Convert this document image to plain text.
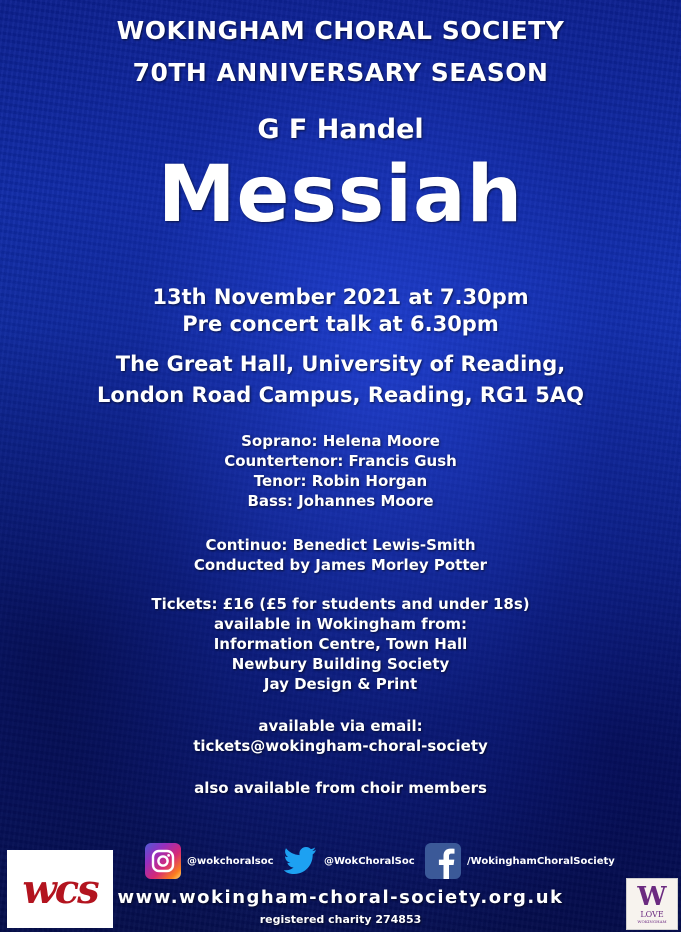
WOKINGHAM CHORAL SOCIETY
70TH ANNIVERSARY SEASON
G F Handel
Messiah
13th November 2021 at 7.30pm
Pre concert talk at 6.30pm
The Great Hall, University of Reading,
London Road Campus, Reading, RG1 5AQ
Soprano: Helena Moore
Countertenor: Francis Gush
Tenor: Robin Horgan
Bass: Johannes Moore
Continuo: Benedict Lewis-Smith
Conducted by James Morley Potter
Tickets: £16 (£5 for students and under 18s)
available in Wokingham from:
Information Centre, Town Hall
Newbury Building Society
Jay Design & Print
available via email:
tickets@wokingham-choral-society
also available from choir members
@wokchoralsoc	@WokChoralSoc	/WokinghamChoralSociety
wcs	www.wokingham-choral-society.org.uk
registered charity 274853
W
LOVE
WOKINGHAM
